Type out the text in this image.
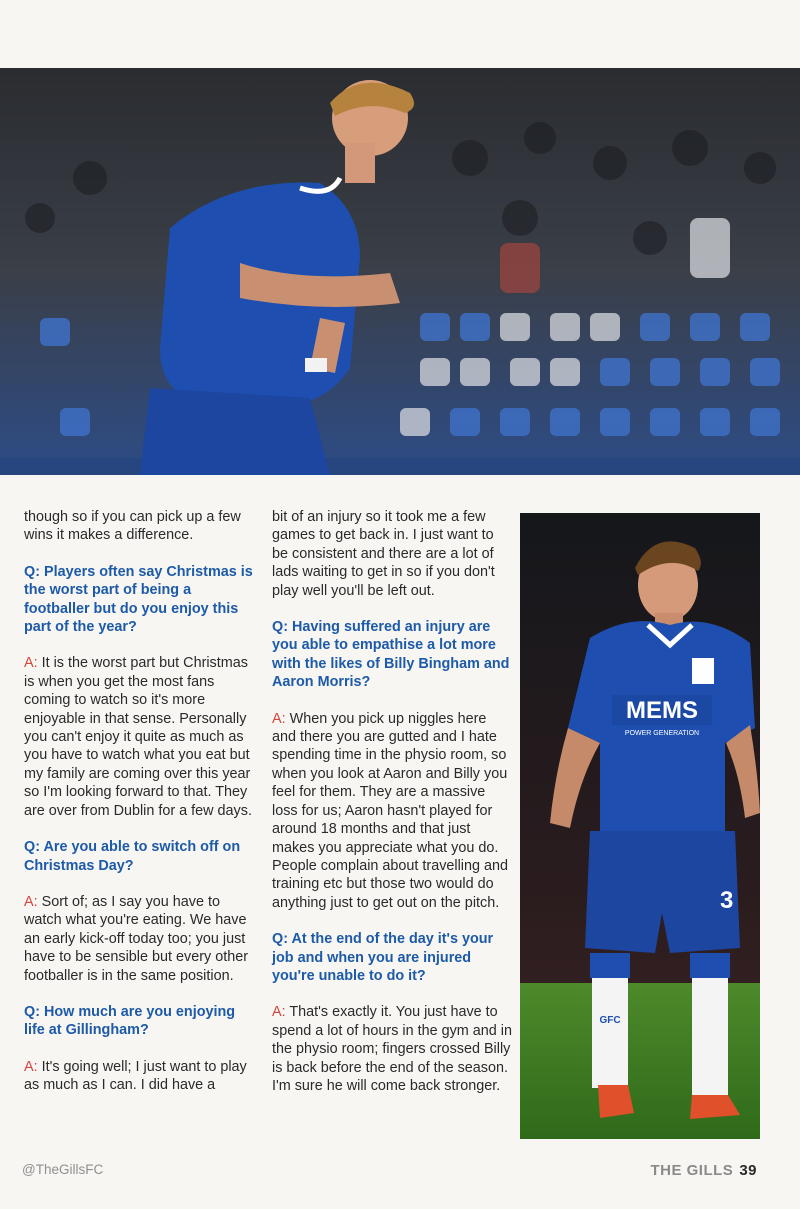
though so if you can pick up a few wins it makes a difference.

Q: Players often say Christmas is the worst part of being a footballer but do you enjoy this part of the year?

A: It is the worst part but Christmas is when you get the most fans coming to watch so it's more enjoyable in that sense. Personally you can't enjoy it quite as much as you have to watch what you eat but my family are coming over this year so I'm looking forward to that. They are over from Dublin for a few days.

Q: Are you able to switch off on Christmas Day?

A: Sort of; as I say you have to watch what you're eating. We have an early kick-off today too; you just have to be sensible but every other footballer is in the same position.

Q: How much are you enjoying life at Gillingham?

A: It's going well; I just want to play as much as I can. I did have a

bit of an injury so it took me a few games to get back in. I just want to be consistent and there are a lot of lads waiting to get in so if you don't play well you'll be left out.

Q: Having suffered an injury are you able to empathise a lot more with the likes of Billy Bingham and Aaron Morris?

A: When you pick up niggles here and there you are gutted and I hate spending time in the physio room, so when you look at Aaron and Billy you feel for them. They are a massive loss for us; Aaron hasn't played for around 18 months and that just makes you appreciate what you do. People complain about travelling and training etc but those two would do anything just to get out on the pitch.

Q: At the end of the day it's your job and when you are injured you're unable to do it?

A: That's exactly it. You just have to spend a lot of hours in the gym and in the physio room; fingers crossed Billy is back before the end of the season. I'm sure he will come back stronger.

MEMS
POWER GENERATION
3
GFC
@TheGillsFC	THE GILLS 39
